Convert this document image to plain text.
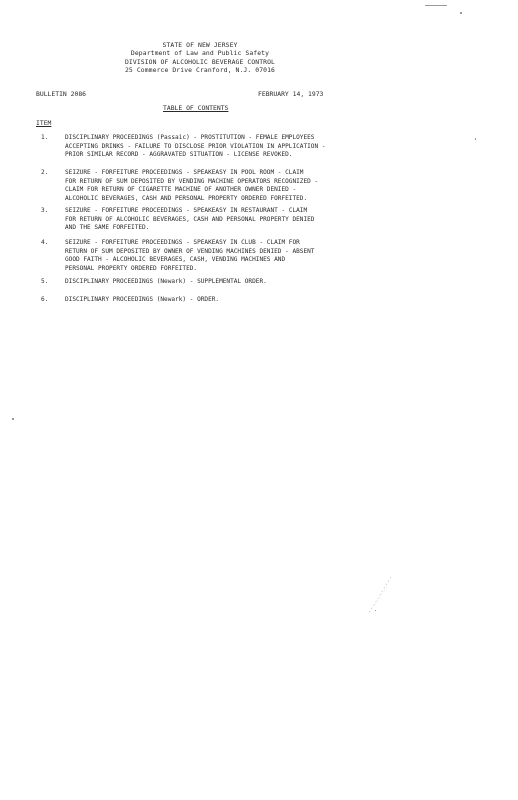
STATE OF NEW JERSEY
Department of Law and Public Safety
DIVISION OF ALCOHOLIC BEVERAGE CONTROL
25 Commerce Drive Cranford, N.J. 07016
BULLETIN 2086	FEBRUARY 14, 1973
TABLE OF CONTENTS
ITEM
1.	DISCIPLINARY PROCEEDINGS (Passaic) - PROSTITUTION - FEMALE EMPLOYEES
ACCEPTING DRINKS - FAILURE TO DISCLOSE PRIOR VIOLATION IN APPLICATION -
PRIOR SIMILAR RECORD - AGGRAVATED SITUATION - LICENSE REVOKED.
2.	SEIZURE - FORFEITURE PROCEEDINGS - SPEAKEASY IN POOL ROOM - CLAIM
FOR RETURN OF SUM DEPOSITED BY VENDING MACHINE OPERATORS RECOGNIZED -
CLAIM FOR RETURN OF CIGARETTE MACHINE OF ANOTHER OWNER DENIED -
ALCOHOLIC BEVERAGES, CASH AND PERSONAL PROPERTY ORDERED FORFEITED.
3.	SEIZURE - FORFEITURE PROCEEDINGS - SPEAKEASY IN RESTAURANT - CLAIM
FOR RETURN OF ALCOHOLIC BEVERAGES, CASH AND PERSONAL PROPERTY DENIED
AND THE SAME FORFEITED.
4.	SEIZURE - FORFEITURE PROCEEDINGS - SPEAKEASY IN CLUB - CLAIM FOR
RETURN OF SUM DEPOSITED BY OWNER OF VENDING MACHINES DENIED - ABSENT
GOOD FAITH - ALCOHOLIC BEVERAGES, CASH, VENDING MACHINES AND
PERSONAL PROPERTY ORDERED FORFEITED.
5.	DISCIPLINARY PROCEEDINGS (Newark) - SUPPLEMENTAL ORDER.
6.	DISCIPLINARY PROCEEDINGS (Newark) - ORDER.
